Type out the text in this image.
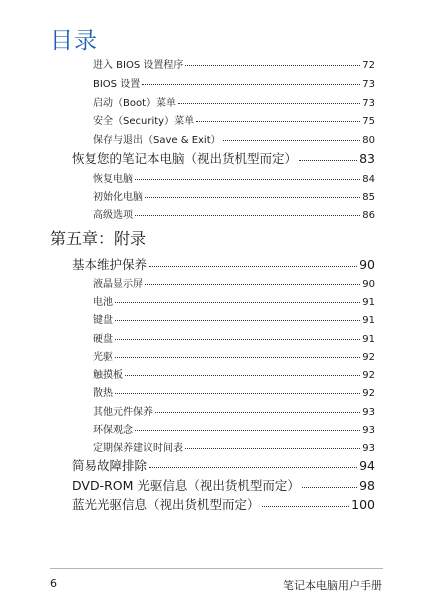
目录
进入 BIOS 设置程序	72
BIOS 设置	73
启动（Boot）菜单	73
安全（Security）菜单	75
保存与退出（Save & Exit）	80
恢复您的笔记本电脑（视出货机型而定）	83
恢复电脑	84
初始化电脑	85
高级选项	86
基本维护保养	90
液晶显示屏	90
电池	91
键盘	91
硬盘	91
光驱	92
触摸板	92
散热	92
其他元件保养	93
环保观念	93
定期保养建议时间表	93
简易故障排除	94
DVD-ROM 光驱信息（视出货机型而定）	98
蓝光光驱信息（视出货机型而定）	100
第五章：附录
6	笔记本电脑用户手册
